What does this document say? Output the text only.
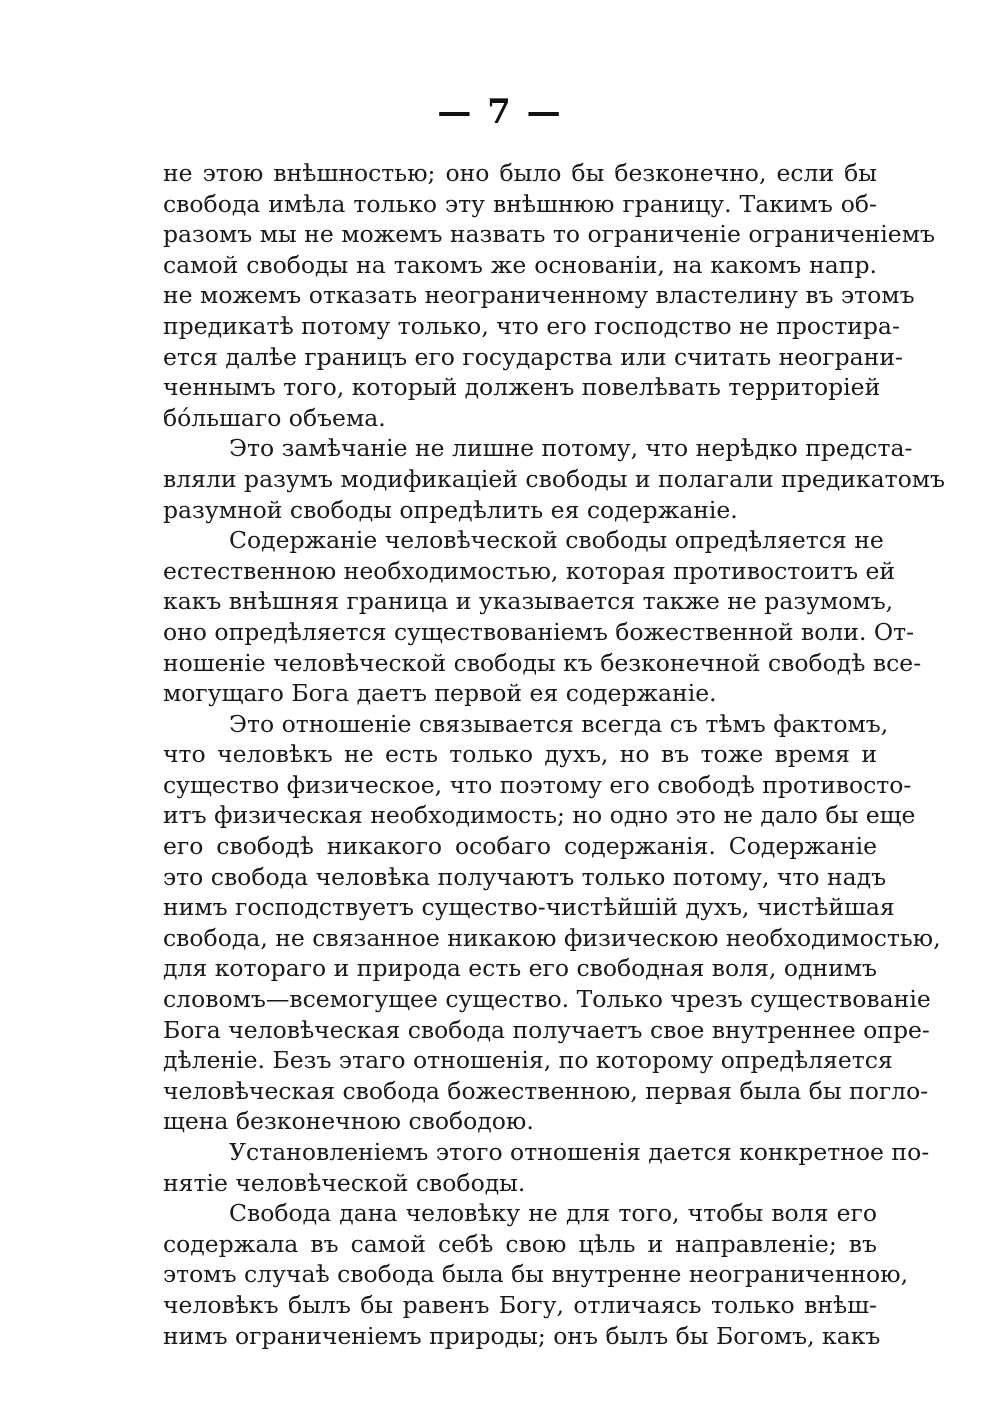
— 7 —
не этою внѣшностью; оно было бы безконечно, если бы
свобода имѣла только эту внѣшнюю границу. Такимъ об-
разомъ мы не можемъ назвать то ограниченіе ограниченіемъ
самой свободы на такомъ же основаніи, на какомъ напр.
не можемъ отказать неограниченному властелину въ этомъ
предикатѣ потому только, что его господство не простира-
ется далѣе границъ его государства или считать неограни-
ченнымъ того, который долженъ повелѣвать территоріей
бо́льшаго объема.
Это замѣчаніе не лишне потому, что нерѣдко предста-
вляли разумъ модификаціей свободы и полагали предикатомъ
разумной свободы опредѣлить ея содержаніе.
Содержаніе человѣческой свободы опредѣляется не
естественною необходимостью, которая противостоитъ ей
какъ внѣшняя граница и указывается также не разумомъ,
оно опредѣляется существованіемъ божественной воли. От-
ношеніе человѣческой свободы къ безконечной свободѣ все-
могущаго Бога даетъ первой ея содержаніе.
Это отношеніе связывается всегда съ тѣмъ фактомъ,
что человѣкъ не есть только духъ, но въ тоже время и
существо физическое, что поэтому его свободѣ противосто-
итъ физическая необходимость; но одно это не дало бы еще
его свободѣ никакого особаго содержанія. Содержаніе
это свобода человѣка получаютъ только потому, что надъ
нимъ господствуетъ существо-чистѣйшій духъ, чистѣйшая
свобода, не связанное никакою физическою необходимостью,
для котораго и природа есть его свободная воля, однимъ
словомъ—всемогущее существо. Только чрезъ существованіе
Бога человѣческая свобода получаетъ свое внутреннее опре-
дѣленіе. Безъ этаго отношенія, по которому опредѣляется
человѣческая свобода божественною, первая была бы погло-
щена безконечною свободою.
Установленіемъ этого отношенія дается конкретное по-
нятіе человѣческой свободы.
Свобода дана человѣку не для того, чтобы воля его
содержала въ самой себѣ свою цѣль и направленіе; въ
этомъ случаѣ свобода была бы внутренне неограниченною,
человѣкъ былъ бы равенъ Богу, отличаясь только внѣш-
нимъ ограниченіемъ природы; онъ былъ бы Богомъ, какъ
